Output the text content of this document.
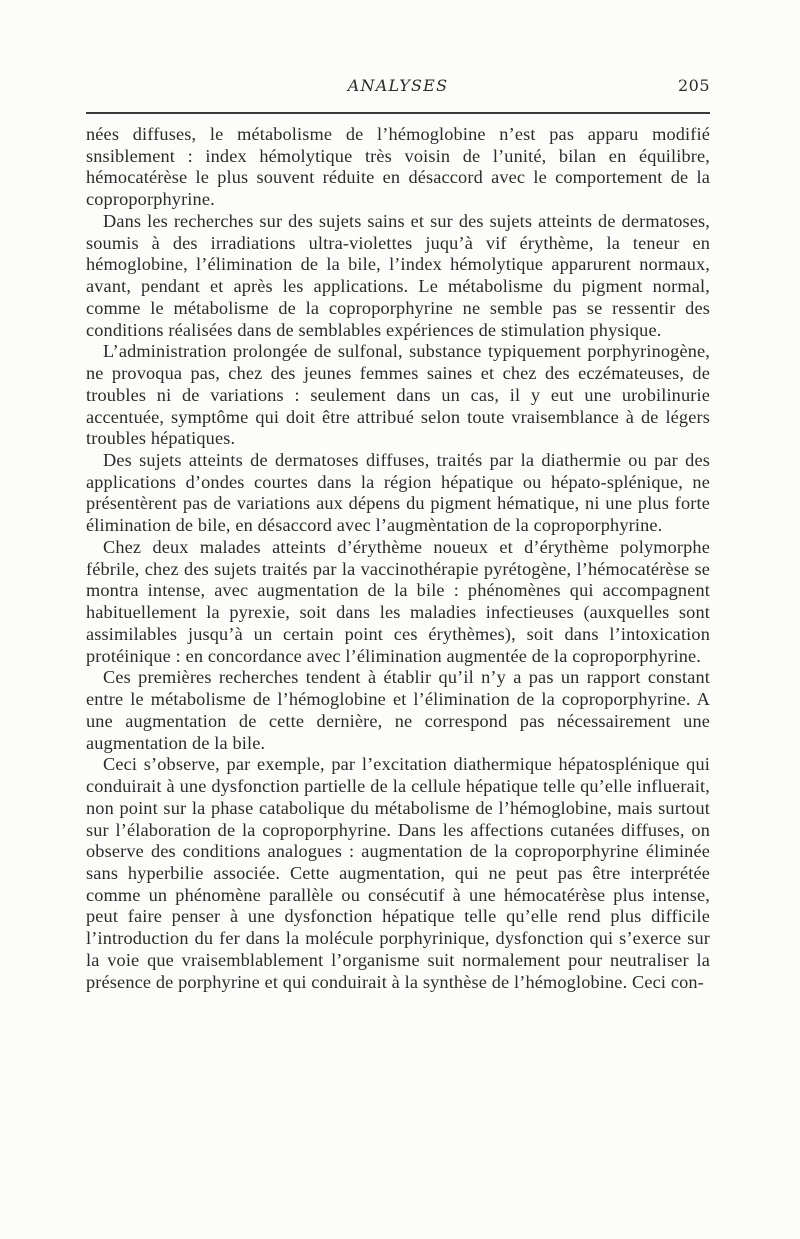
ANALYSES	205

nées diffuses, le métabolisme de l’hémoglobine n’est pas apparu modifié snsiblement : index hémolytique très voisin de l’unité, bilan en équilibre, hémocatérèse le plus souvent réduite en désaccord avec le comportement de la coproporphyrine.

Dans les recherches sur des sujets sains et sur des sujets atteints de dermatoses, soumis à des irradiations ultra-violettes juqu’à vif érythème, la teneur en hémoglobine, l’élimination de la bile, l’index hémolytique apparurent normaux, avant, pendant et après les applications. Le métabolisme du pigment normal, comme le métabolisme de la coproporphyrine ne semble pas se ressentir des conditions réalisées dans de semblables expériences de stimulation physique.

L’administration prolongée de sulfonal, substance typiquement porphyrinogène, ne provoqua pas, chez des jeunes femmes saines et chez des eczémateuses, de troubles ni de variations : seulement dans un cas, il y eut une urobilinurie accentuée, symptôme qui doit être attribué selon toute vraisemblance à de légers troubles hépatiques.

Des sujets atteints de dermatoses diffuses, traités par la diathermie ou par des applications d’ondes courtes dans la région hépatique ou hépato-splénique, ne présentèrent pas de variations aux dépens du pigment hématique, ni une plus forte élimination de bile, en désaccord avec l’augmèntation de la coproporphyrine.

Chez deux malades atteints d’érythème noueux et d’érythème polymorphe fébrile, chez des sujets traités par la vaccinothérapie pyrétogène, l’hémocatérèse se montra intense, avec augmentation de la bile : phénomènes qui accompagnent habituellement la pyrexie, soit dans les maladies infectieuses (auxquelles sont assimilables jusqu’à un certain point ces érythèmes), soit dans l’intoxication protéinique : en concordance avec l’élimination augmentée de la coproporphyrine.

Ces premières recherches tendent à établir qu’il n’y a pas un rapport constant entre le métabolisme de l’hémoglobine et l’élimination de la coproporphyrine. A une augmentation de cette dernière, ne correspond pas nécessairement une augmentation de la bile.

Ceci s’observe, par exemple, par l’excitation diathermique hépatosplénique qui conduirait à une dysfonction partielle de la cellule hépatique telle qu’elle influerait, non point sur la phase catabolique du métabolisme de l’hémoglobine, mais surtout sur l’élaboration de la coproporphyrine. Dans les affections cutanées diffuses, on observe des conditions analogues : augmentation de la coproporphyrine éliminée sans hyperbilie associée. Cette augmentation, qui ne peut pas être interprétée comme un phénomène parallèle ou consécutif à une hémocatérèse plus intense, peut faire penser à une dysfonction hépatique telle qu’elle rend plus difficile l’introduction du fer dans la molécule porphyrinique, dysfonction qui s’exerce sur la voie que vraisemblablement l’organisme suit normalement pour neutraliser la présence de porphyrine et qui conduirait à la synthèse de l’hémoglobine. Ceci con-
